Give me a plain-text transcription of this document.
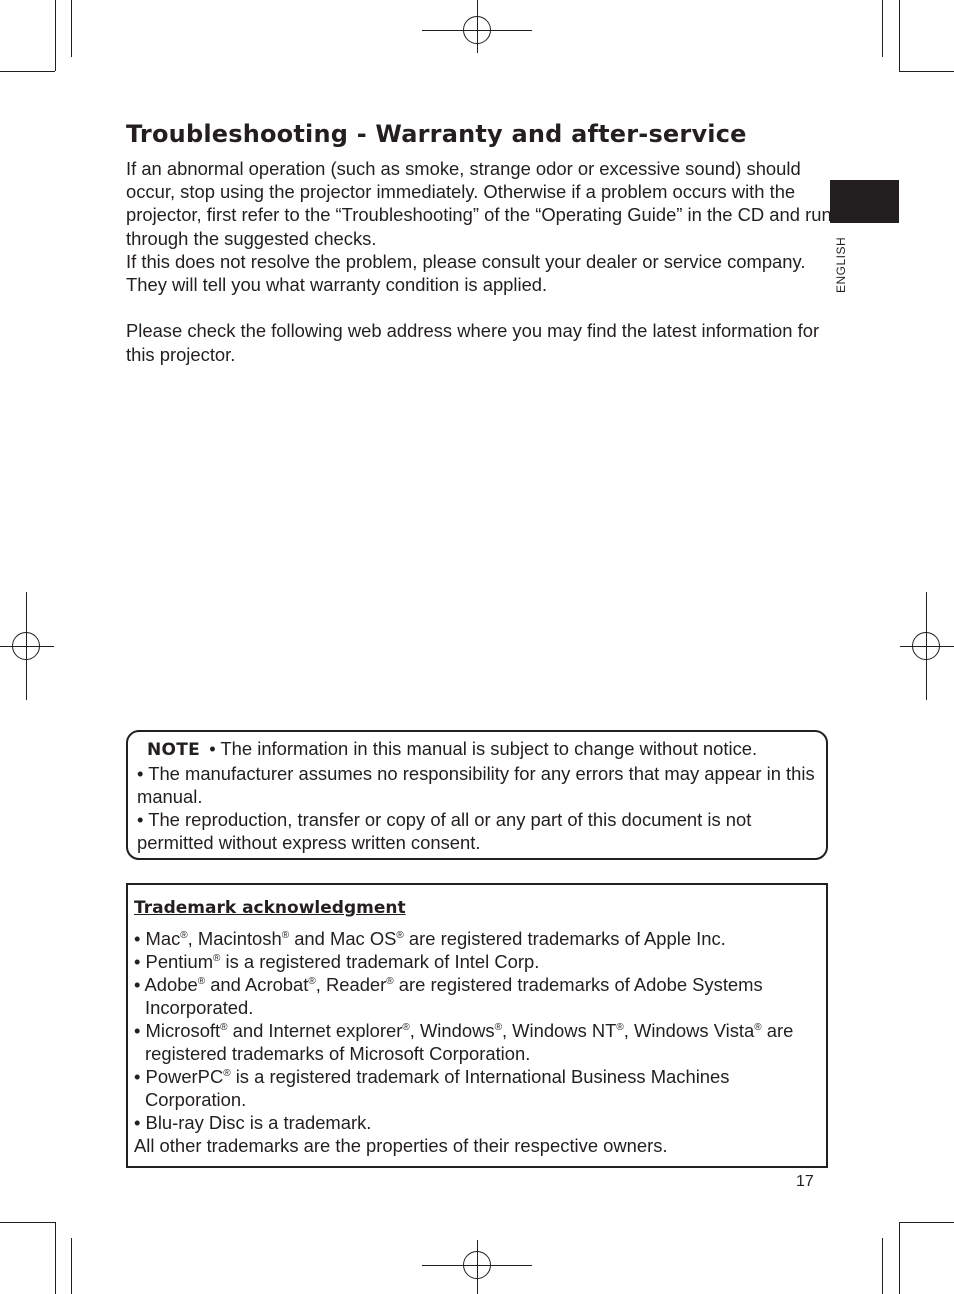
ENGLISH
Troubleshooting - Warranty and after-service

If an abnormal operation (such as smoke, strange odor or excessive sound) should occur, stop using the projector immediately. Otherwise if a problem occurs with the projector, first refer to the “Troubleshooting” of the “Operating Guide” in the CD and run through the suggested checks.

If this does not resolve the problem, please consult your dealer or service company. They will tell you what warranty condition is applied.

Please check the following web address where you may find the latest information for this projector.

NOTE • The information in this manual is subject to change without notice.

• The manufacturer assumes no responsibility for any errors that may appear in this manual.

• The reproduction, transfer or copy of all or any part of this document is not permitted without express written consent.

Trademark acknowledgment

• Mac®, Macintosh® and Mac OS® are registered trademarks of Apple Inc.

• Pentium® is a registered trademark of Intel Corp.

• Adobe® and Acrobat®, Reader® are registered trademarks of Adobe Systems Incorporated.

• Microsoft® and Internet explorer®, Windows®, Windows NT®, Windows Vista® are registered trademarks of Microsoft Corporation.

• PowerPC® is a registered trademark of International Business Machines Corporation.

• Blu-ray Disc is a trademark.

All other trademarks are the properties of their respective owners.

17
